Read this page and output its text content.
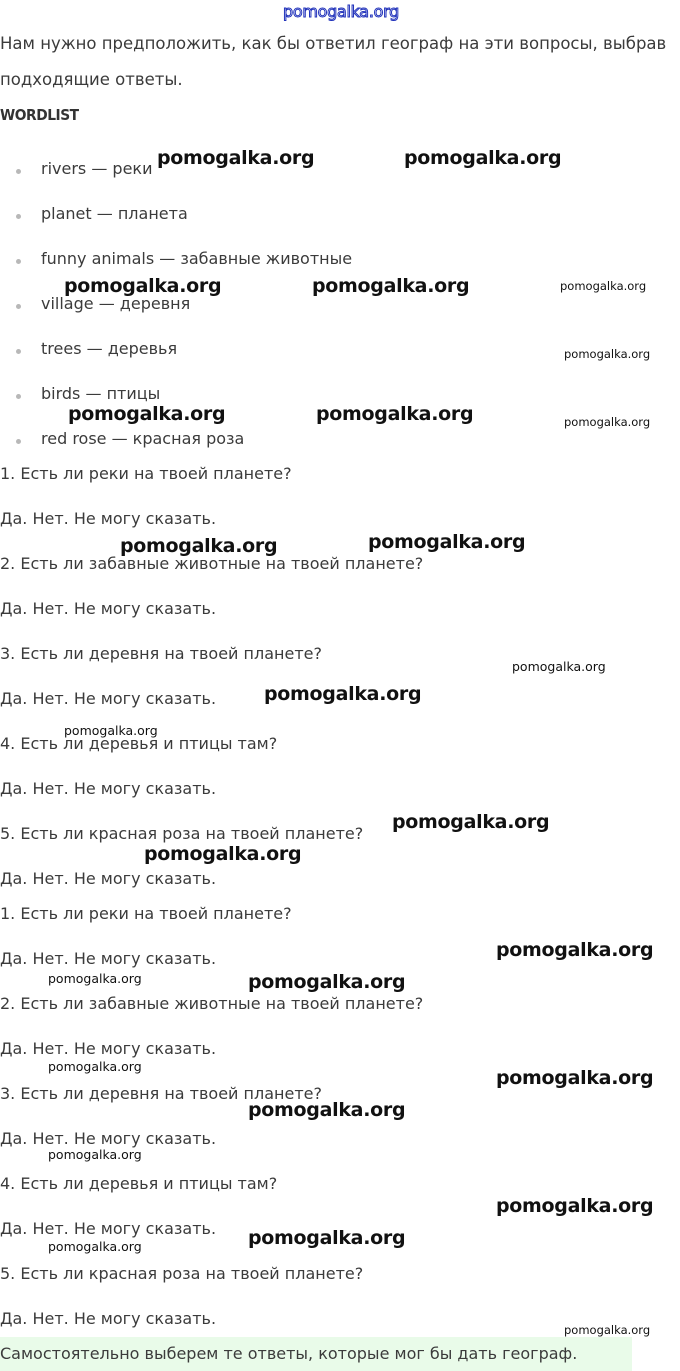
pomogalka.org
Нам нужно предположить, как бы ответил географ на эти вопросы, выбрав
подходящие ответы.
WORDLIST
rivers — реки
planet — планета
funny animals — забавные животные
village — деревня
trees — деревья
birds — птицы
red rose — красная роза
1. Есть ли реки на твоей планете?
Да. Нет. Не могу сказать.
2. Есть ли забавные животные на твоей планете?
Да. Нет. Не могу сказать.
3. Есть ли деревня на твоей планете?
Да. Нет. Не могу сказать.
4. Есть ли деревья и птицы там?
Да. Нет. Не могу сказать.
5. Есть ли красная роза на твоей планете?
Да. Нет. Не могу сказать.
1. Есть ли реки на твоей планете?
Да. Нет. Не могу сказать.
2. Есть ли забавные животные на твоей планете?
Да. Нет. Не могу сказать.
3. Есть ли деревня на твоей планете?
Да. Нет. Не могу сказать.
4. Есть ли деревья и птицы там?
Да. Нет. Не могу сказать.
5. Есть ли красная роза на твоей планете?
Да. Нет. Не могу сказать.
Самостоятельно выберем те ответы, которые мог бы дать географ.
pomogalka.org	pomogalka.org
pomogalka.org	pomogalka.org	pomogalka.org
pomogalka.org
pomogalka.org	pomogalka.org	pomogalka.org
pomogalka.org	pomogalka.org
pomogalka.org
pomogalka.org
pomogalka.org
pomogalka.org
pomogalka.org
pomogalka.org
pomogalka.org	pomogalka.org
pomogalka.org
pomogalka.org
pomogalka.org
pomogalka.org
pomogalka.org
pomogalka.org
pomogalka.org
pomogalka.org
